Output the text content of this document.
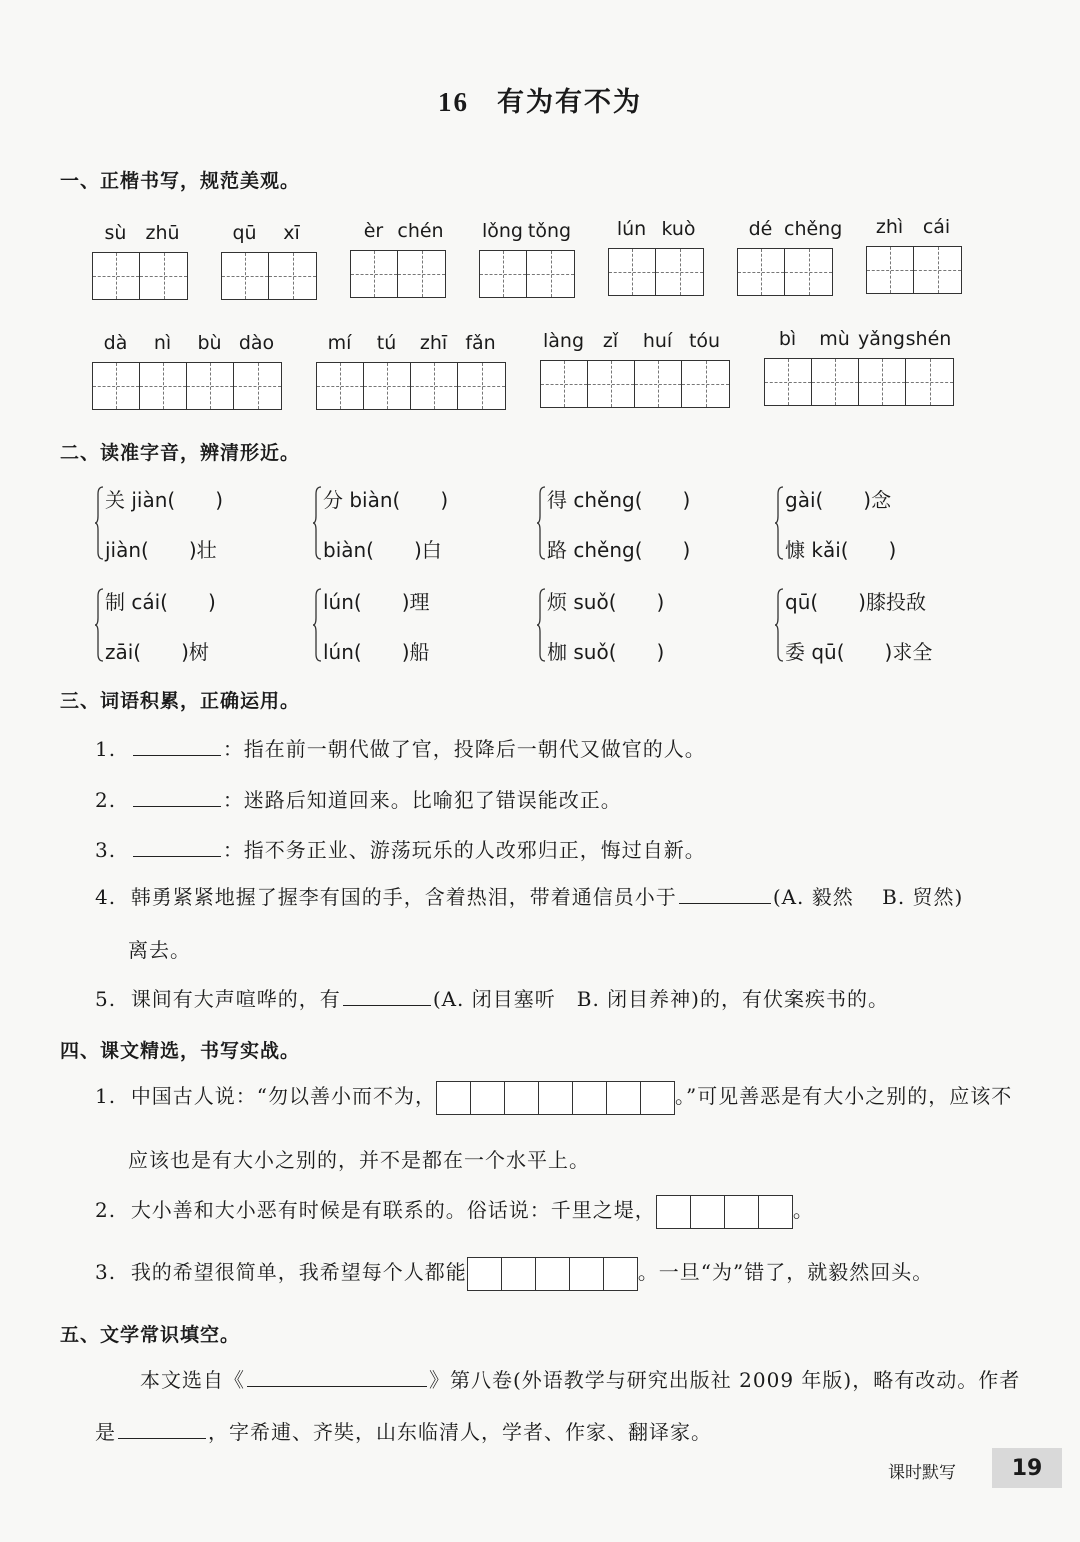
16 有为有不为
一、正楷书写，规范美观。
sù	zhū	qū	xī	èr chén lǒng tǒng	lún kuò	dé chěng	zhì	cái
dà	nì	bù dào	mí	tú	zhī fǎn	làng zǐ	huí tóu	bì	mù yǎng shén
二、读准字音，辨清形近。
关 jiàn(　　)
jiàn(　　)壮
分 biàn(　　)
biàn(　　)白
得 chěng(　　)
路 chěng(　　)
gài(　　)念
慷 kǎi(　　)
制 cái(　　)
zāi(　　)树
lún(　　)理
lún(　　)船
烦 suǒ(　　)
枷 suǒ(　　)
qū(　　)膝投敌
委 qū(　　)求全
三、词语积累，正确运用。
1.	：指在前一朝代做了官，投降后一朝代又做官的人。
2.	：迷路后知道回来。比喻犯了错误能改正。
3.	：指不务正业、游荡玩乐的人改邪归正，悔过自新。
4. 韩勇紧紧地握了握李有国的手，含着热泪，带着通信员小于	(A. 毅然　 B. 贸然)
离去。
5. 课间有大声喧哗的，有	(A. 闭目塞听　B. 闭目养神)的，有伏案疾书的。
四、课文精选，书写实战。
1. 中国古人说：“勿以善小而不为，	。”可见善恶是有大小之别的，应该不
应该也是有大小之别的，并不是都在一个水平上。
2. 大小善和大小恶有时候是有联系的。俗话说：千里之堤，	。
3. 我的希望很简单，我希望每个人都能	。一旦“为”错了，就毅然回头。
五、文学常识填空。
本文选自《	》第八卷(外语教学与研究出版社 2009 年版)，略有改动。作者
是	，字希逋、齐奘，山东临清人，学者、作家、翻译家。
课时默写	19
